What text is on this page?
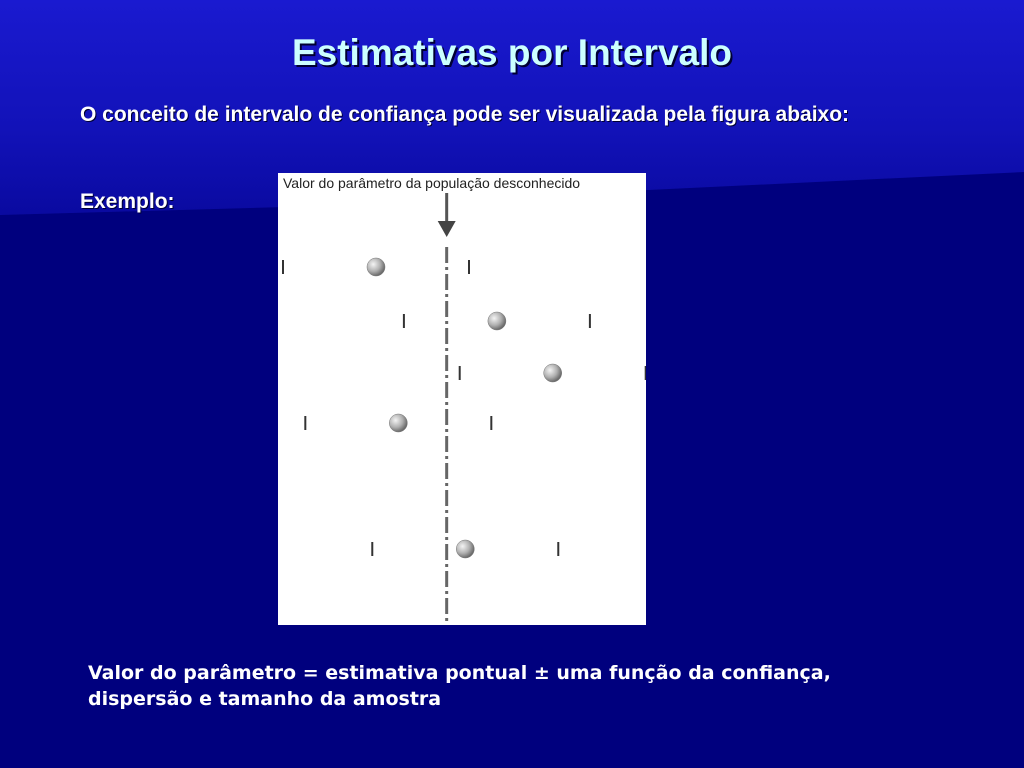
Estimativas por Intervalo
O conceito de intervalo de confiança pode ser visualizada pela figura abaixo:
Exemplo:
Valor do parâmetro da população desconhecido
Valor do parâmetro = estimativa pontual ± uma função da confiança,
dispersão e tamanho da amostra
